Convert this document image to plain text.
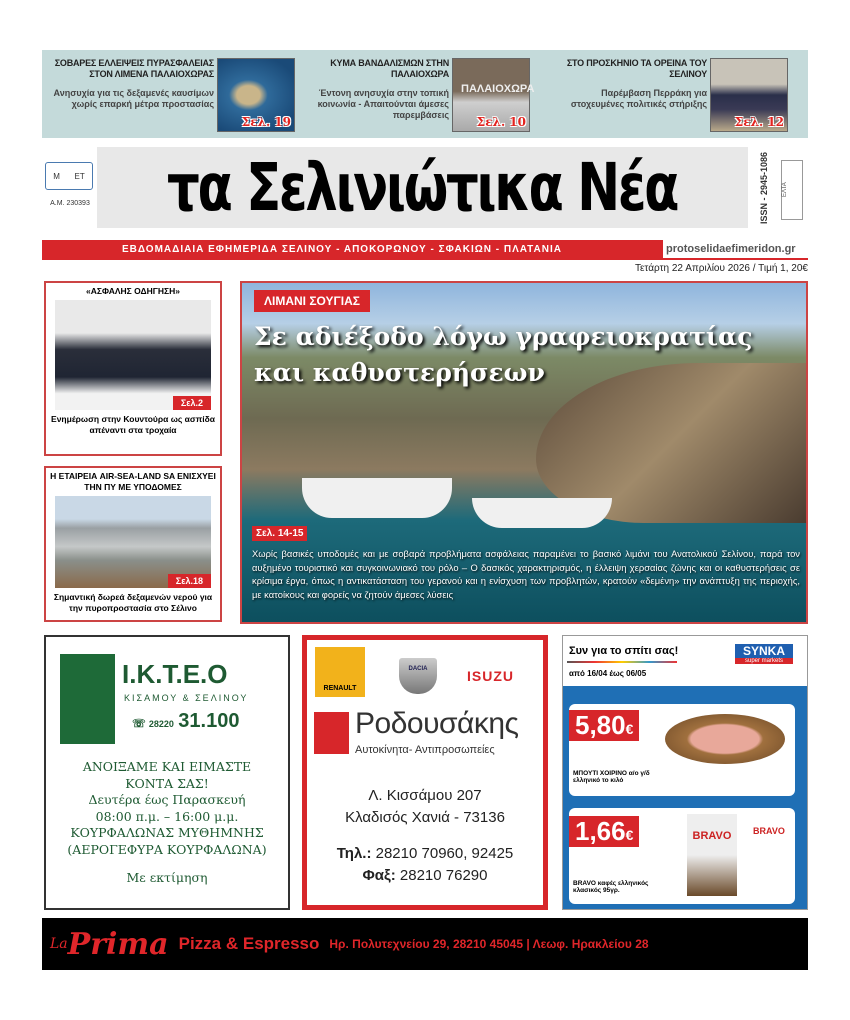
ΣΟΒΑΡΕΣ ΕΛΛΕΙΨΕΙΣ ΠΥΡΑΣΦΑΛΕΙΑΣ ΣΤΟΝ ΛΙΜΕΝΑ ΠΑΛΑΙΟΧΩΡΑΣ
Ανησυχία για τις δεξαμενές καυσίμων χωρίς επαρκή μέτρα προστασίας
Σελ. 19
ΚΥΜΑ ΒΑΝΔΑΛΙΣΜΩΝ ΣΤΗΝ ΠΑΛΑΙΟΧΩΡΑ
Έντονη ανησυχία στην τοπική κοινωνία - Απαιτούνται άμεσες παρεμβάσεις
ΠΑΛΑΙΟΧΩΡΑ
Σελ. 10
ΣΤΟ ΠΡΟΣΚΗΝΙΟ ΤΑ ΟΡΕΙΝΑ ΤΟΥ ΣΕΛΙΝΟΥ
Παρέμβαση Περράκη για στοχευμένες πολιτικές στήριξης
Σελ. 12
Μ ΕΤ
Α.Μ. 230393 τα Σελινιώτικα Νέα	ISSN - 2945-1086 ΕΛΤΑ
ΕΒΔΟΜΑΔΙΑΙΑ ΕΦΗΜΕΡΙΔΑ ΣΕΛΙΝΟΥ - ΑΠΟΚΟΡΩΝΟΥ - ΣΦΑΚΙΩΝ - ΠΛΑΤΑΝΙΑ	protoselidaefimeridon.gr
Τετάρτη 22 Απριλίου 2026 / Τιμή 1, 20€
«ΑΣΦΑΛΗΣ ΟΔΗΓΗΣΗ»
Σελ.2
Ενημέρωση στην Κουντούρα ως ασπίδα απέναντι στα τροχαία
Η ΕΤΑΙΡΕΙΑ AIR-SEA-LAND SA ΕΝΙΣΧΥΕΙ ΤΗΝ ΠΥ ΜΕ ΥΠΟΔΟΜΕΣ
Σελ.18
Σημαντική δωρεά δεξαμενών νερού για την πυροπροστασία στο Σέλινο
ΛΙΜΑΝΙ ΣΟΥΓΙΑΣ
Σε αδιέξοδο λόγω γραφειοκρατίας
και καθυστερήσεων
Σελ. 14-15
Χωρίς βασικές υποδομές και με σοβαρά προβλήματα ασφάλειας παραμένει το βασικό λιμάνι του Ανατολικού Σελίνου, παρά τον αυξημένο τουριστικό και συγκοινωνιακό του ρόλο – Ο δασικός χαρακτηρισμός, η έλλειψη χερσαίας ζώνης και οι καθυστερήσεις σε κρίσιμα έργα, όπως η αντικατάσταση του γερανού και η ενίσχυση των προβλητών, κρατούν «δεμένη» την ανάπτυξη της περιοχής, με κατοίκους και φορείς να ζητούν άμεσες λύσεις
Ι.Κ.Τ.Ε.Ο
ΚΙΣΑΜΟΥ & ΣΕΛΙΝΟΥ
☏ 28220 31.100
ΑΝΟΙΞΑΜΕ ΚΑΙ ΕΙΜΑΣΤΕ
ΚΟΝΤΑ ΣΑΣ!
Δευτέρα έως Παρασκευή
08:00 π.μ. – 16:00 μ.μ.
ΚΟΥΡΦΑΛΩΝΑΣ ΜΥΘΗΜΝΗΣ
(ΑΕΡΟΓΕΦΥΡΑ ΚΟΥΡΦΑΛΩΝΑ)
Με εκτίμηση
RENAULT
DACIA	ISUZU
Ροδουσάκης
Αυτοκίνητα- Αντιπροσωπείες
Λ. Κισσάμου 207
Κλαδισός Χανιά - 73136
Τηλ.: 28210 70960, 92425
Φαξ: 28210 76290
Συν για το σπίτι σας!
από 16/04 έως 06/05
SYNKA
super markets
5,80€
ΜΠΟΥΤΙ ΧΟΙΡΙΝΟ α/ο γ/δ ελληνικό το κιλό
1,66€	BRAVO	BRAVO
BRAVO καφές ελληνικός κλασικός 95γρ.
La Prima Pizza & Espresso Ηρ. Πολυτεχνείου 29, 28210 45045 | Λεωφ. Ηρακλείου 28
